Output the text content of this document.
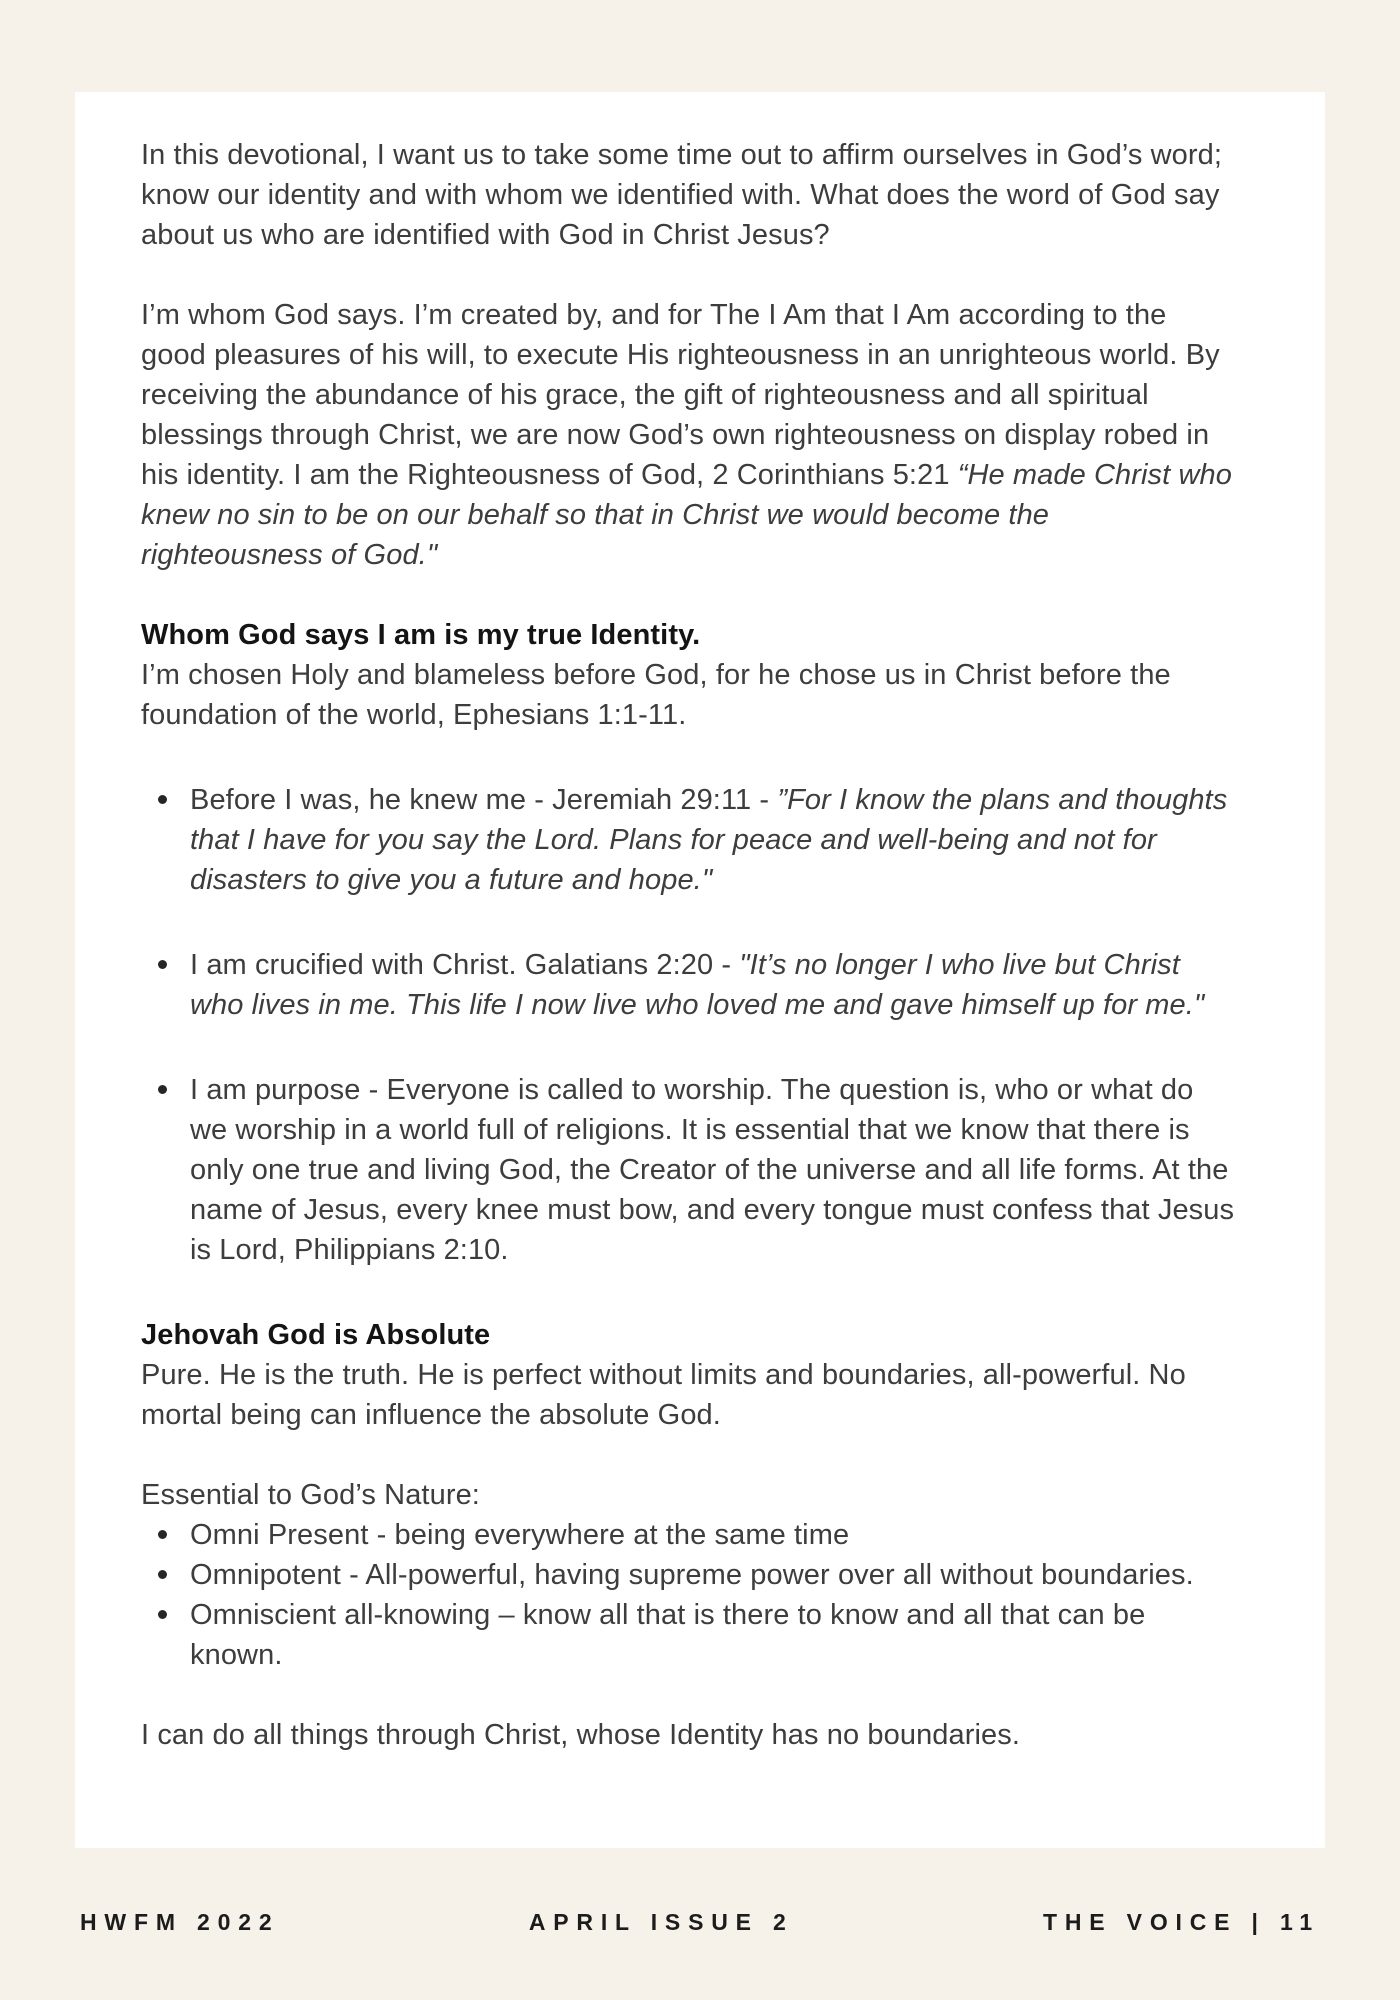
In this devotional, I want us to take some time out to affirm ourselves in God’s word; know our identity and with whom we identified with. What does the word of God say about us who are identified with God in Christ Jesus?

I’m whom God says. I’m created by, and for The I Am that I Am according to the good pleasures of his will, to execute His righteousness in an unrighteous world. By receiving the abundance of his grace, the gift of righteousness and all spiritual blessings through Christ, we are now God’s own righteousness on display robed in his identity. I am the Righteousness of God, 2 Corinthians 5:21 “He made Christ who knew no sin to be on our behalf so that in Christ we would become the righteousness of God."

Whom God says I am is my true Identity.

I’m chosen Holy and blameless before God, for he chose us in Christ before the foundation of the world, Ephesians 1:1-11.

Before I was, he knew me - Jeremiah 29:11 - ”For I know the plans and thoughts that I have for you say the Lord. Plans for peace and well-being and not for disasters to give you a future and hope."
I am crucified with Christ. Galatians 2:20 - "It’s no longer I who live but Christ who lives in me. This life I now live who loved me and gave himself up for me."
I am purpose - Everyone is called to worship. The question is, who or what do we worship in a world full of religions. It is essential that we know that there is only one true and living God, the Creator of the universe and all life forms. At the name of Jesus, every knee must bow, and every tongue must confess that Jesus is Lord, Philippians 2:10.
Jehovah God is Absolute

Pure. He is the truth. He is perfect without limits and boundaries, all-powerful. No mortal being can influence the absolute God.

Essential to God’s Nature:

Omni Present - being everywhere at the same time
Omnipotent - All-powerful, having supreme power over all without boundaries.
Omniscient all-knowing – know all that is there to know and all that can be known.

I can do all things through Christ, whose Identity has no boundaries.

HWFM 2022	APRIL ISSUE 2	THE VOICE | 11
